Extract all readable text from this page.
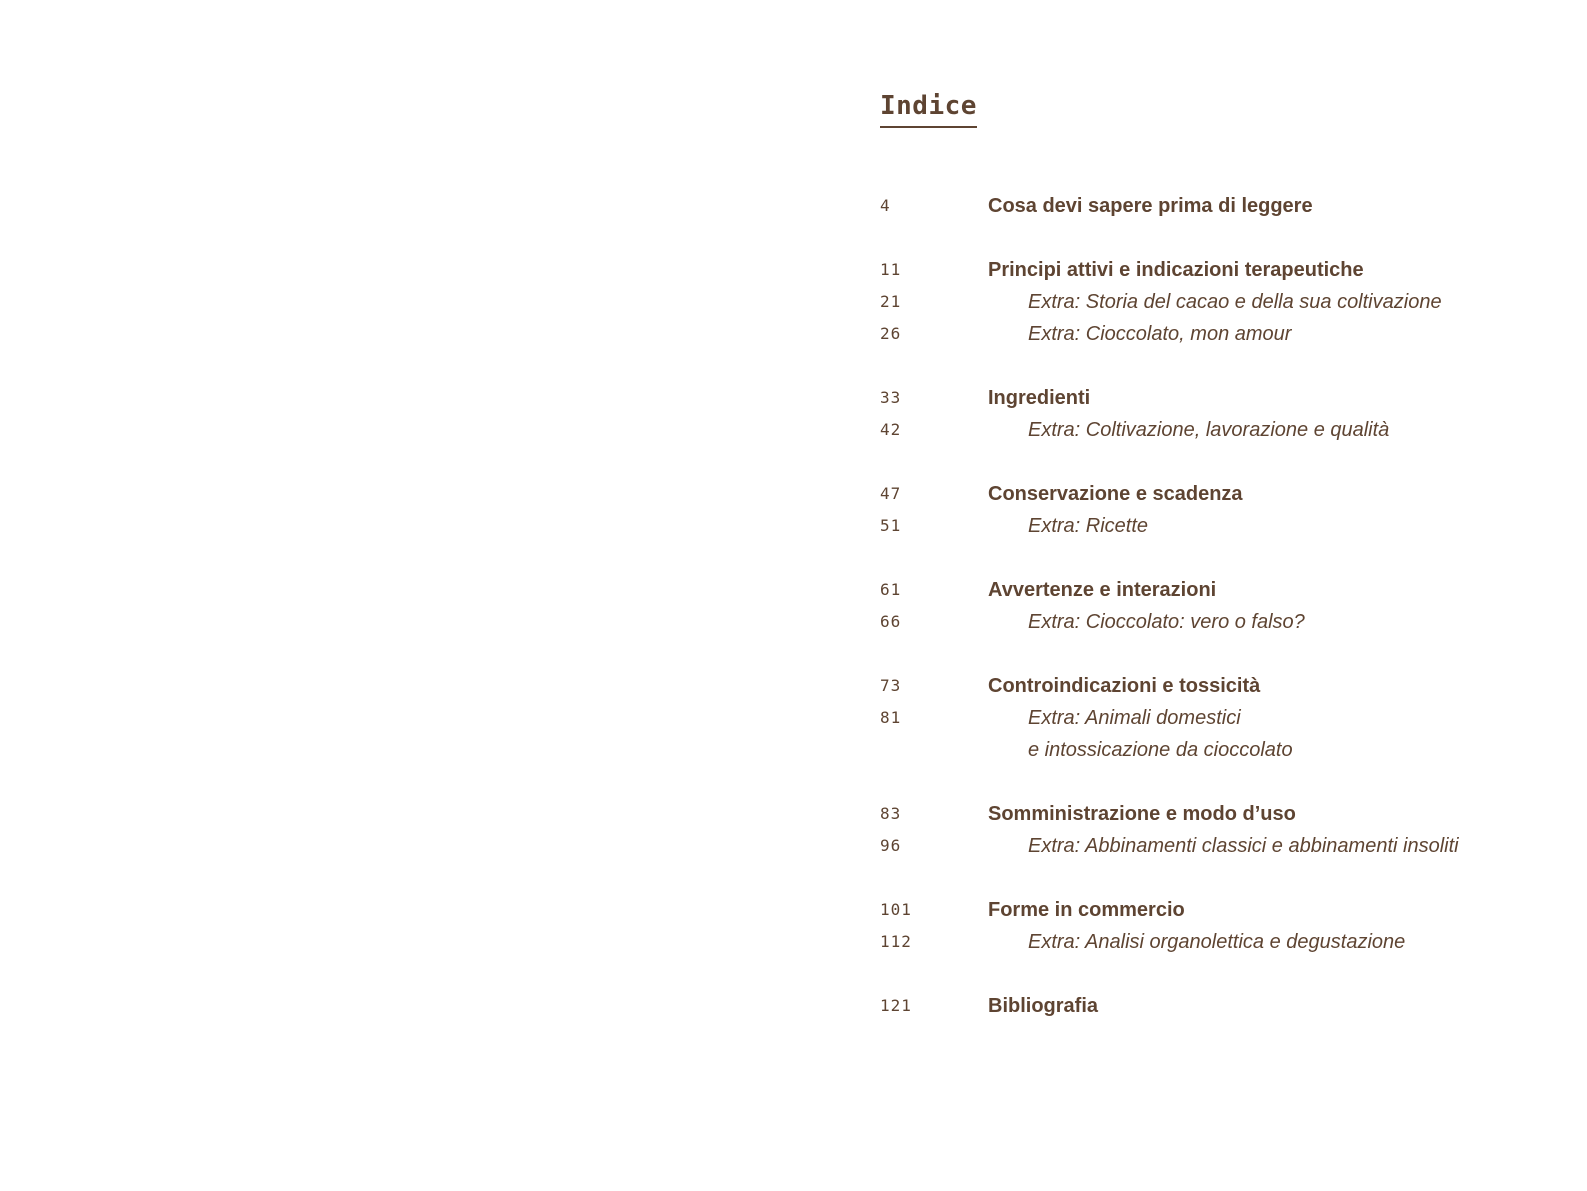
Indice
4	Cosa devi sapere prima di leggere
11	Principi attivi e indicazioni terapeutiche
21	Extra: Storia del cacao e della sua coltivazione
26	Extra: Cioccolato, mon amour
33	Ingredienti
42	Extra: Coltivazione, lavorazione e qualità
47	Conservazione e scadenza
51	Extra: Ricette
61	Avvertenze e interazioni
66	Extra: Cioccolato: vero o falso?
73	Controindicazioni e tossicità
81	Extra: Animali domestici
e intossicazione da cioccolato
83	Somministrazione e modo d’uso
96	Extra: Abbinamenti classici e abbinamenti insoliti
101	Forme in commercio
112	Extra: Analisi organolettica e degustazione
121	Bibliografia
